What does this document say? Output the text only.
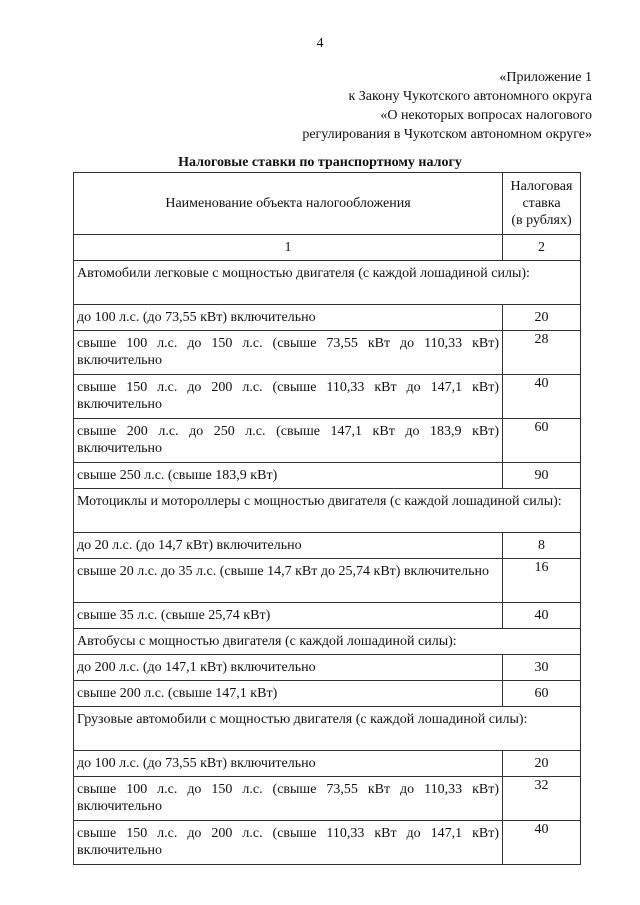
4
«Приложение 1
к Закону Чукотского автономного округа
«О некоторых вопросах налогового
регулирования в Чукотском автономном округе»
Налоговые ставки по транспортному налогу
Наименование объекта налогообложения	Налоговая
ставка
(в рублях)

1	2
Автомобили легковые с мощностью двигателя (с каждой лошадиной силы):	
до 100 л.с. (до 73,55 кВт) включительно	20
свыше 100 л.с. до 150 л.с. (свыше 73,55 кВт до 110,33 кВт) включительно	28
свыше 150 л.с. до 200 л.с. (свыше 110,33 кВт до 147,1 кВт) включительно	40
свыше 200 л.с. до 250 л.с. (свыше 147,1 кВт до 183,9 кВт) включительно	60
свыше 250 л.с. (свыше 183,9 кВт)	90
Мотоциклы и мотороллеры с мощностью двигателя (с каждой лошадиной силы):	
до 20 л.с. (до 14,7 кВт) включительно	8
свыше 20 л.с. до 35 л.с. (свыше 14,7 кВт до 25,74 кВт) включительно	16
свыше 35 л.с. (свыше 25,74 кВт)	40
Автобусы с мощностью двигателя (с каждой лошадиной силы):	
до 200 л.с. (до 147,1 кВт) включительно	30
свыше 200 л.с. (свыше 147,1 кВт)	60
Грузовые автомобили с мощностью двигателя (с каждой лошадиной силы):	
до 100 л.с. (до 73,55 кВт) включительно	20
свыше 100 л.с. до 150 л.с. (свыше 73,55 кВт до 110,33 кВт) включительно	32
свыше 150 л.с. до 200 л.с. (свыше 110,33 кВт до 147,1 кВт) включительно	40
